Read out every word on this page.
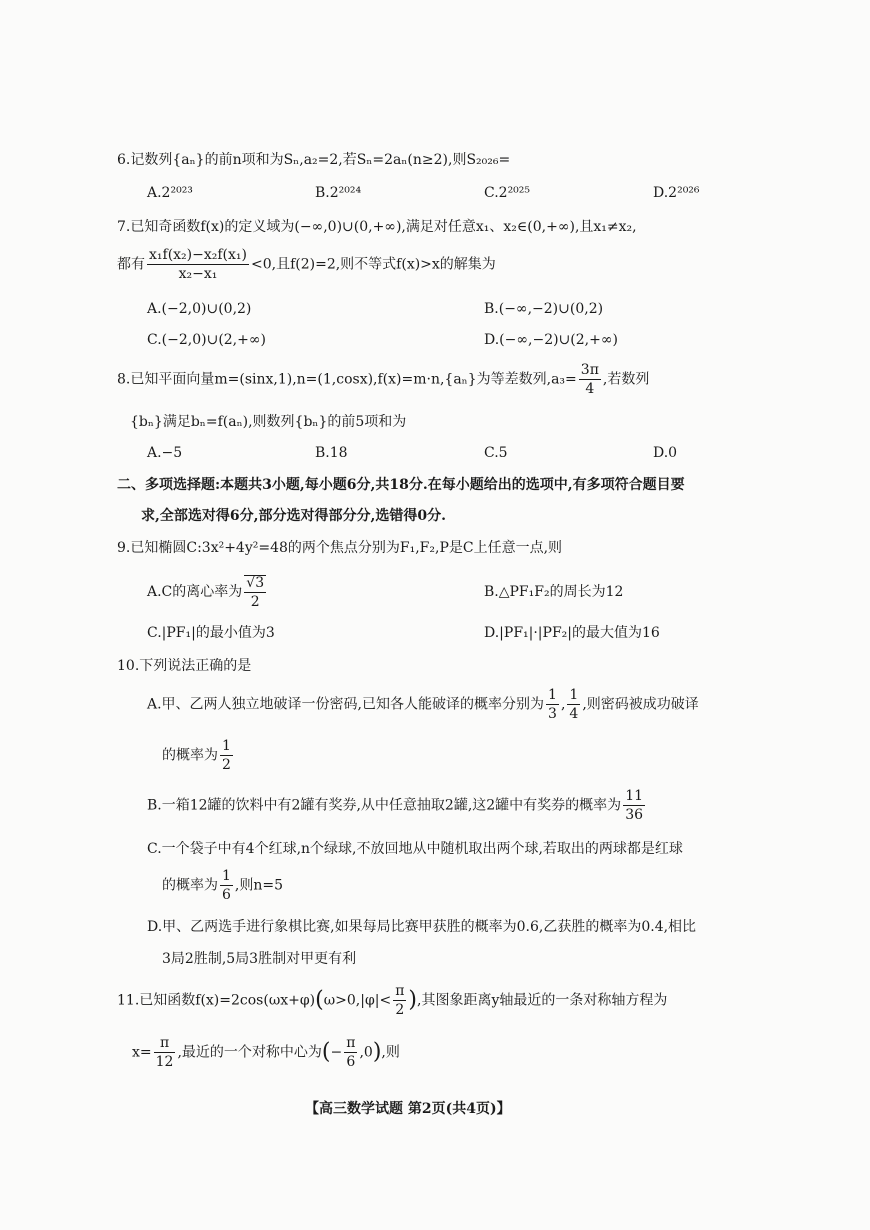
6.记数列{aₙ}的前n项和为Sₙ,a₂=2,若Sₙ=2aₙ(n≥2),则S₂₀₂₆=
A.2²⁰²³	B.2²⁰²⁴	C.2²⁰²⁵	D.2²⁰²⁶
7.已知奇函数f(x)的定义域为(−∞,0)∪(0,+∞),满足对任意x₁、x₂∈(0,+∞),且x₁≠x₂,
都有 $\frac{\text{x₁f(x₂)−x₂f(x₁)}}{\text{x₂−x₁}} <0$,且f(2)=2,则不等式f(x)>x的解集为
A.(−2,0)∪(0,2)	B.(−∞,−2)∪(0,2)
C.(−2,0)∪(2,+∞)	D.(−∞,−2)∪(2,+∞)
8.已知平面向量m=(sinx,1),n=(1,cosx),f(x)=m·n,{aₙ}为等差数列$,a_3= \frac{3\pi}{4}$ ,若数列
{bₙ}满足bₙ=f(aₙ),则数列{bₙ}的前5项和为
A.−5	B.18	C.5	D.0
二、多项选择题:本题共3小题,每小题6分,共18分.在每小题给出的选项中,有多项符合题目要
求,全部选对得6分,部分选对得部分分,选错得0分.
9.已知椭圆C:3x²+4y²=48的两个焦点分别为F₁,F₂,P是C上任意一点,则
A.C的离心率为 $\frac{√3}{2}$	B.△PF₁F₂的周长为12
C.|PF₁|的最小值为3	D.|PF₁|·|PF₂|的最大值为16
10.下列说法正确的是
A.甲、乙两人独立地破译一份密码,已知各人能破译的概率分别为 $\frac{1}{3}$ , $\frac{1}{4}$ ,则密码被成功破译
的概率为 $\frac{1}{2}$
B.一箱12罐的饮料中有2罐有奖券,从中任意抽取2罐,这2罐中有奖券的概率为 $\frac{11}{36}$
C.一个袋子中有4个红球,n个绿球,不放回地从中随机取出两个球,若取出的两球都是红球
的概率为 $\frac{1}{6}$ ,则n=5
D.甲、乙两选手进行象棋比赛,如果每局比赛甲获胜的概率为0.6,乙获胜的概率为0.4,相比
3局2胜制,5局3胜制对甲更有利
11.已知函数$f(x)=2\cos(\omega x+\varphi)(\omega>0,|\varphi|< \frac{\pi}{2}$ ),其图象距离y轴最近的一条对称轴方程为
$x= \frac{\pi}{12}$ ,最近的一个对称中心为(− $\frac{\pi}{6} ,0$),则
【高三数学试题 第2页(共4页)】
